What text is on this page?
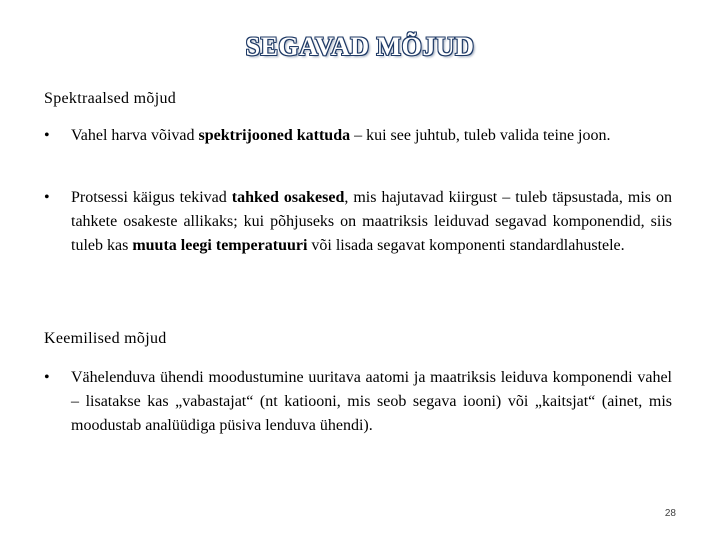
SEGAVAD MÕJUD
Spektraalsed mõjud
• Vahel harva võivad spektrijooned kattuda – kui see juhtub, tuleb valida teine joon.
• Protsessi käigus tekivad tahked osakesed, mis hajutavad kiirgust – tuleb täpsustada, mis on tahkete osakeste allikaks; kui põhjuseks on maatriksis leiduvad segavad komponendid, siis tuleb kas muuta leegi temperatuuri või lisada segavat komponenti standardlahustele.
Keemilised mõjud
• Vähelenduva ühendi moodustumine uuritava aatomi ja maatriksis leiduva komponendi vahel – lisatakse kas „vabastajat“ (nt katiooni, mis seob segava iooni) või „kaitsjat“ (ainet, mis moodustab analüüdiga püsiva lenduva ühendi).
28
